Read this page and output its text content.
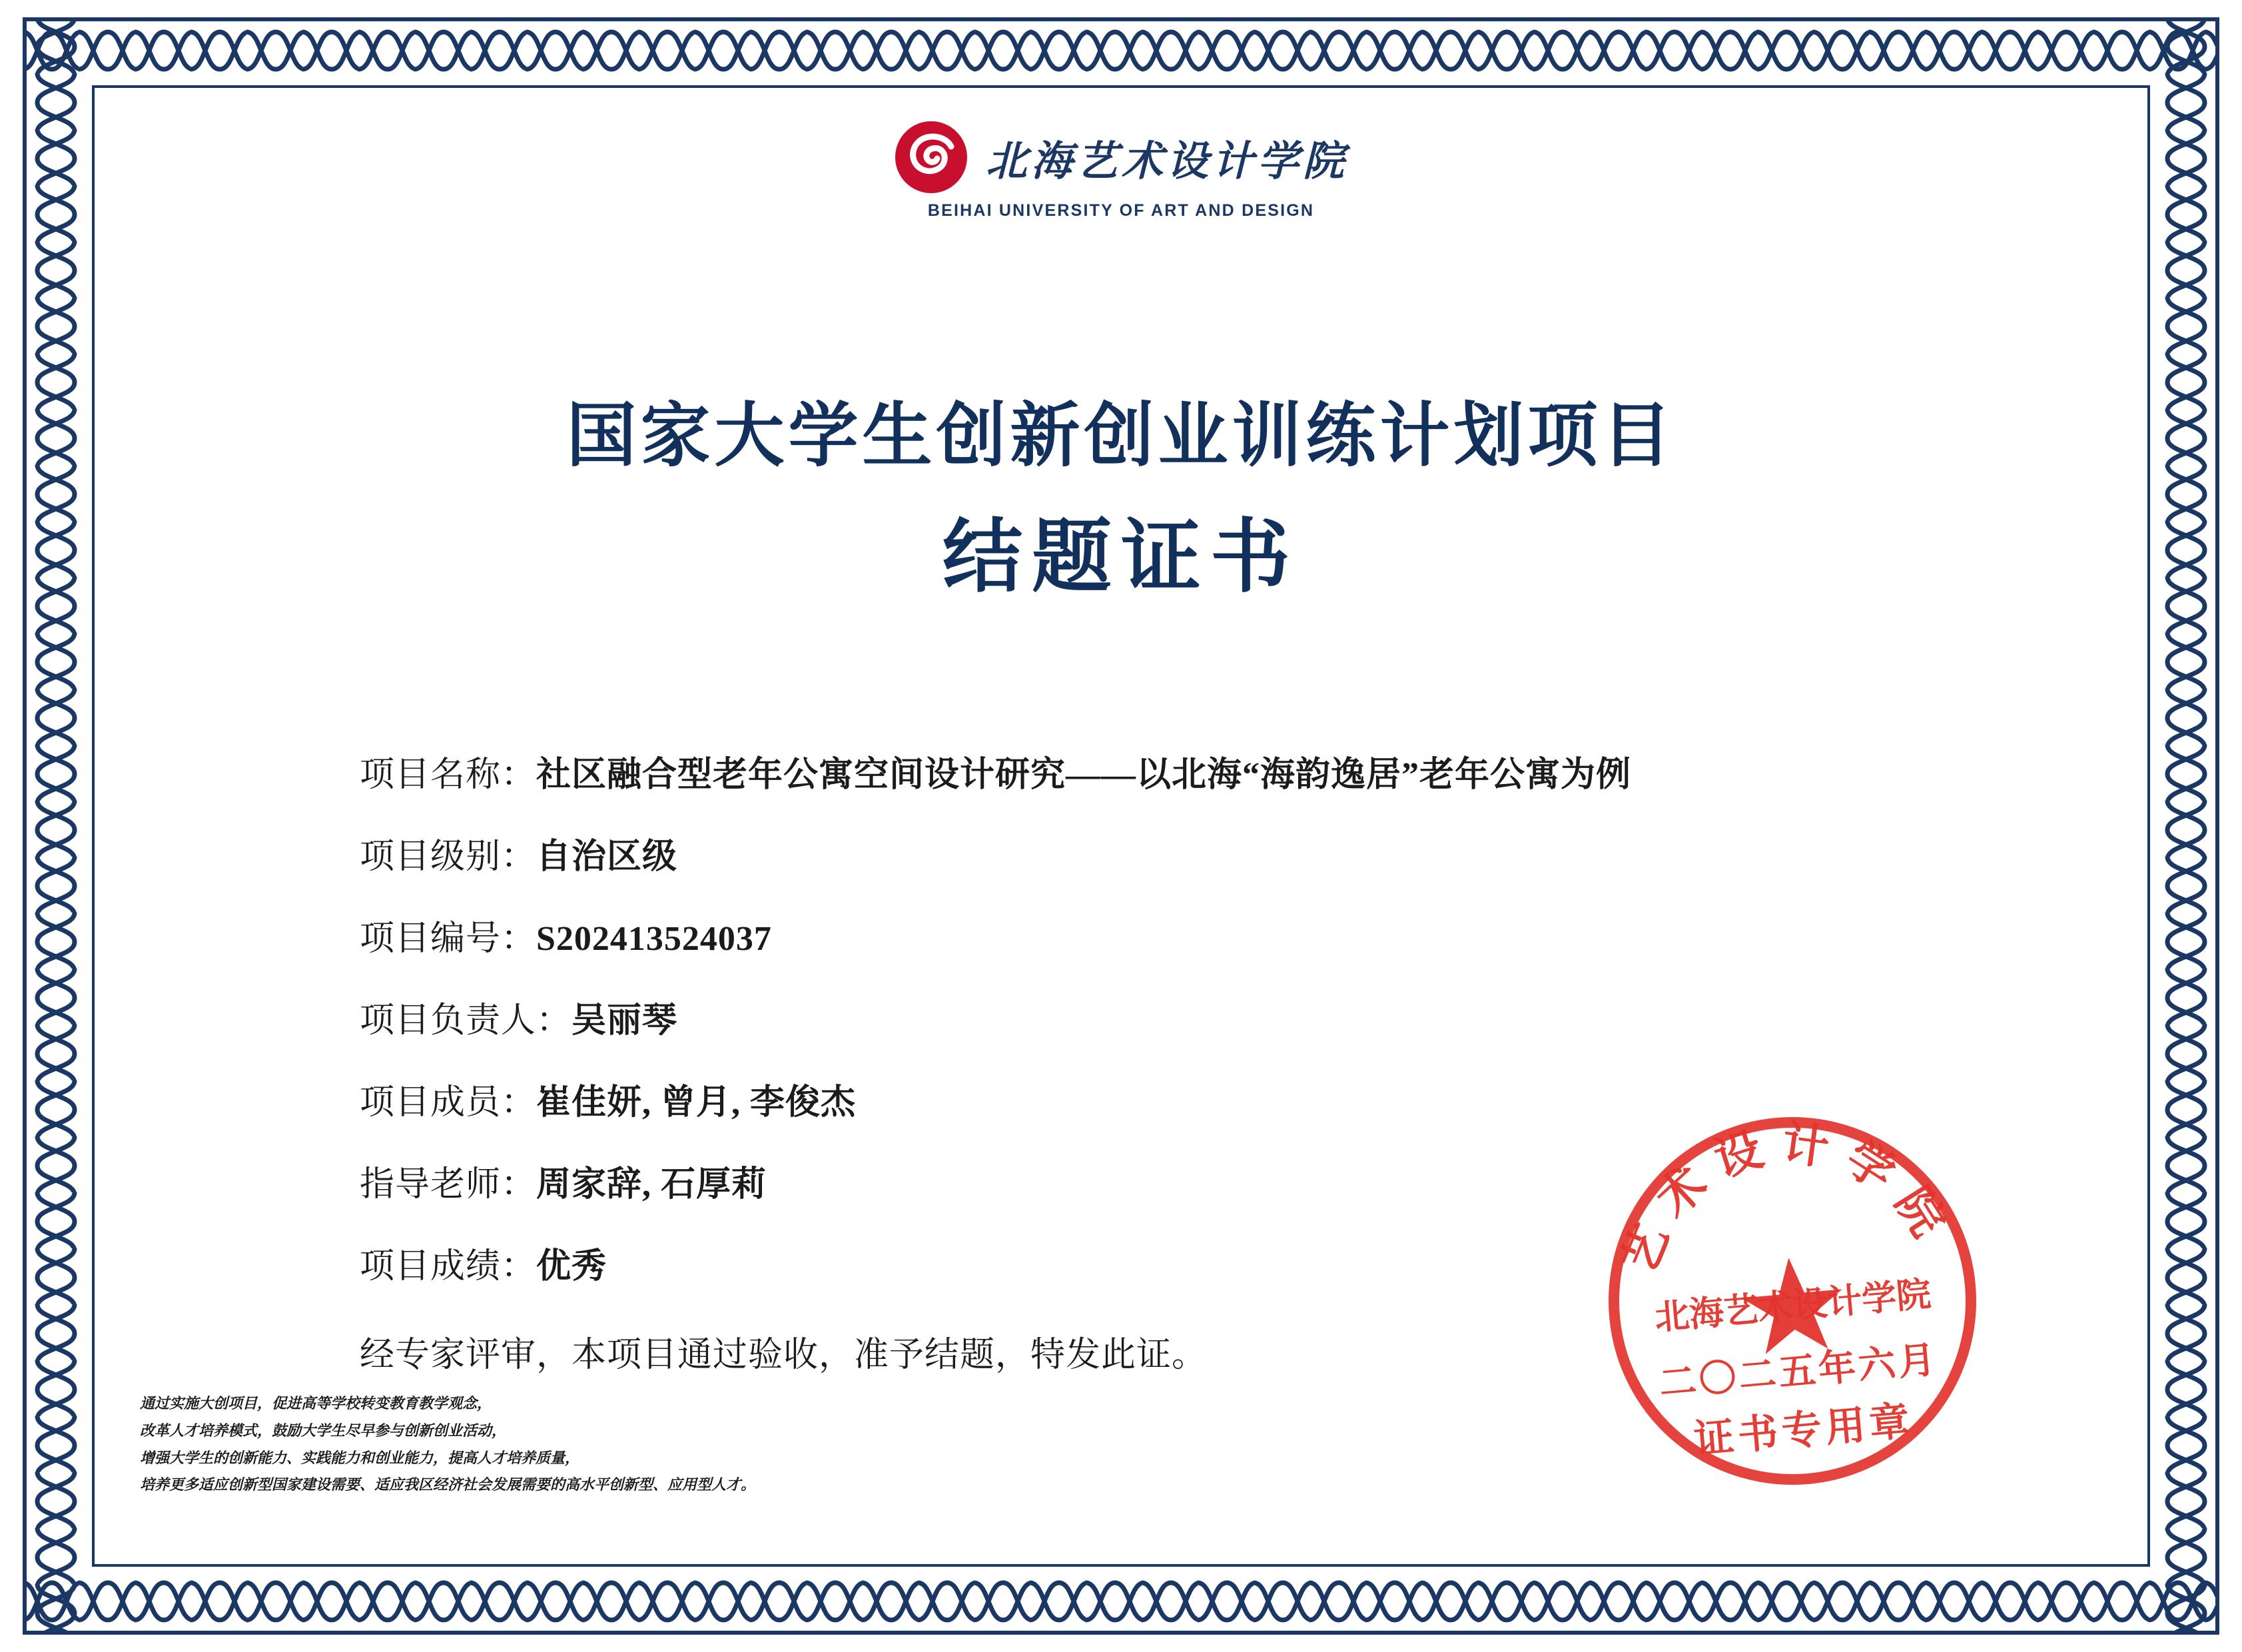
北海艺术设计学院
BEIHAI UNIVERSITY OF ART AND DESIGN
国家大学生创新创业训练计划项目
结题证书
项目名称： 社区融合型老年公寓空间设计研究——以北海“海韵逸居”老年公寓为例
项目级别： 自治区级
项目编号： S202413524037
项目负责人： 吴丽琴
项目成员： 崔佳妍, 曾月, 李俊杰
指导老师： 周家辞, 石厚莉
项目成绩： 优秀
经专家评审，本项目通过验收，准予结题，特发此证。
通过实施大创项目，促进高等学校转变教育教学观念，
改革人才培养模式，鼓励大学生尽早参与创新创业活动，
增强大学生的创新能力、实践能力和创业能力，提高人才培养质量，
培养更多适应创新型国家建设需要、适应我区经济社会发展需要的高水平创新型、应用型人才。
艺术设计学院
北海艺术设计学院
二〇二五年六月
证书专用章
